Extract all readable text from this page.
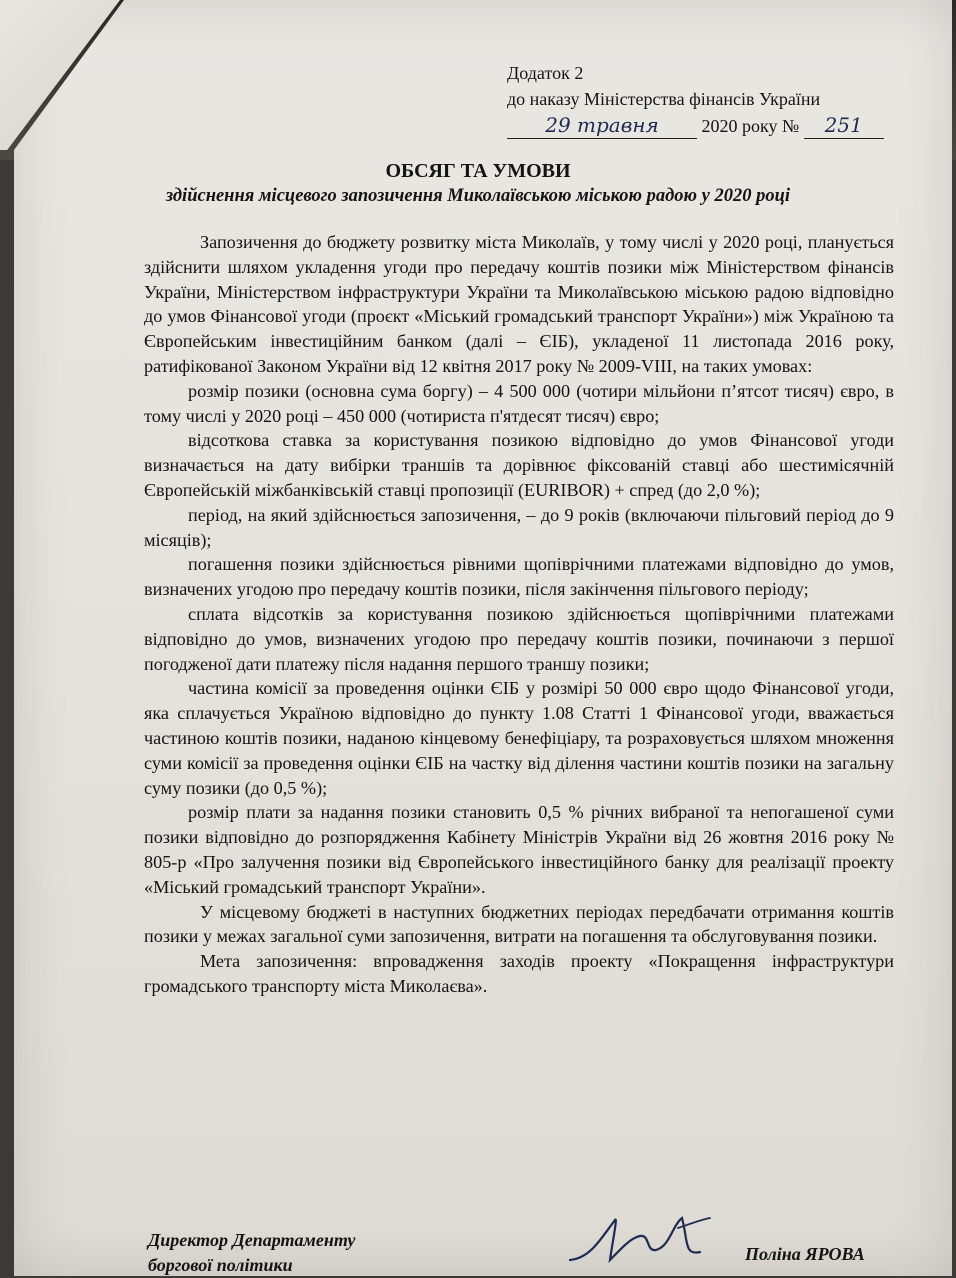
Додаток 2
до наказу Міністерства фінансів України
29 травня 2020 року № 251
ОБСЯГ ТА УМОВИ
здійснення місцевого запозичення Миколаївською міською радою у 2020 році

Запозичення до бюджету розвитку міста Миколаїв, у тому числі у 2020 році, планується здійснити шляхом укладення угоди про передачу коштів позики між Міністерством фінансів України, Міністерством інфраструктури України та Миколаївською міською радою відповідно до умов Фінансової угоди (проєкт «Міський громадський транспорт України») між Україною та Європейським інвестиційним банком (далі – ЄІБ), укладеної 11 листопада 2016 року, ратифікованої Законом України від 12 квітня 2017 року № 2009-VIII, на таких умовах:

розмір позики (основна сума боргу) – 4 500 000 (чотири мільйони п’ятсот тисяч) євро, в тому числі у 2020 році – 450 000 (чотириста п'ятдесят тисяч) євро;

відсоткова ставка за користування позикою відповідно до умов Фінансової угоди визначається на дату вибірки траншів та дорівнює фіксованій ставці або шестимісячній Європейській міжбанківській ставці пропозиції (EURIBOR) + спред (до 2,0 %);

період, на який здійснюється запозичення, – до 9 років (включаючи пільговий період до 9 місяців);

погашення позики здійснюється рівними щопіврічними платежами відповідно до умов, визначених угодою про передачу коштів позики, після закінчення пільгового періоду;

сплата відсотків за користування позикою здійснюється щопіврічними платежами відповідно до умов, визначених угодою про передачу коштів позики, починаючи з першої погодженої дати платежу після надання першого траншу позики;

частина комісії за проведення оцінки ЄІБ у розмірі 50 000 євро щодо Фінансової угоди, яка сплачується Україною відповідно до пункту 1.08 Статті 1 Фінансової угоди, вважається частиною коштів позики, наданою кінцевому бенефіціару, та розраховується шляхом множення суми комісії за проведення оцінки ЄІБ на частку від ділення частини коштів позики на загальну суму позики (до 0,5 %);

розмір плати за надання позики становить 0,5 % річних вибраної та непогашеної суми позики відповідно до розпорядження Кабінету Міністрів України від 26 жовтня 2016 року № 805-р «Про залучення позики від Європейського інвестиційного банку для реалізації проекту «Міський громадський транспорт України».

У місцевому бюджеті в наступних бюджетних періодах передбачати отримання коштів позики у межах загальної суми запозичення, витрати на погашення та обслуговування позики.

Мета запозичення: впровадження заходів проекту «Покращення інфраструктури громадського транспорту міста Миколаєва».

Директор Департаменту
боргової політики
Поліна ЯРОВА
